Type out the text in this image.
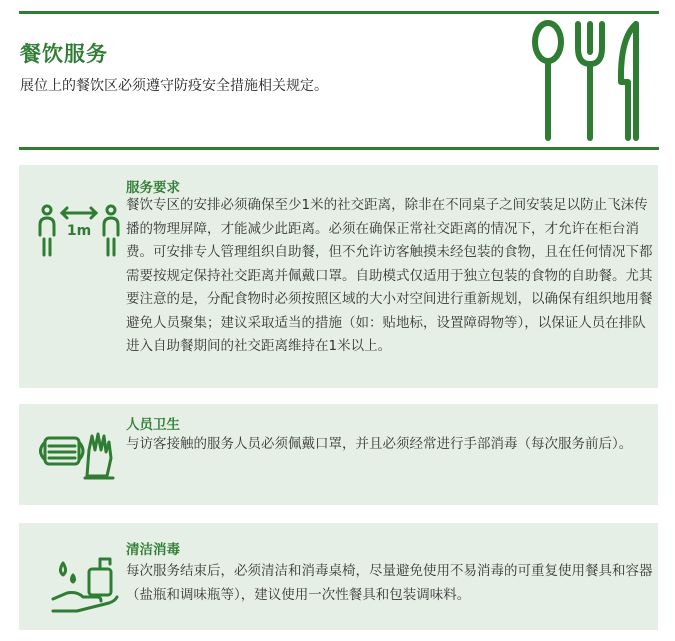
餐饮服务
展位上的餐饮区必须遵守防疫安全措施相关规定。
1m
服务要求
餐饮专区的安排必须确保至少1米的社交距离，除非在不同桌子之间安装足以防止飞沫传播的物理屏障，才能减少此距离。必须在确保正常社交距离的情况下，才允许在柜台消费。可安排专人管理组织自助餐，但不允许访客触摸未经包装的食物，且在任何情况下都需要按规定保持社交距离并佩戴口罩。自助模式仅适用于独立包装的食物的自助餐。尤其要注意的是，分配食物时必须按照区域的大小对空间进行重新规划，以确保有组织地用餐避免人员聚集；建议采取适当的措施（如：贴地标，设置障碍物等），以保证人员在排队进入自助餐期间的社交距离维持在1米以上。
人员卫生
与访客接触的服务人员必须佩戴口罩，并且必须经常进行手部消毒（每次服务前后）。
清洁消毒
每次服务结束后，必须清洁和消毒桌椅，尽量避免使用不易消毒的可重复使用餐具和容器（盐瓶和调味瓶等），建议使用一次性餐具和包装调味料。
